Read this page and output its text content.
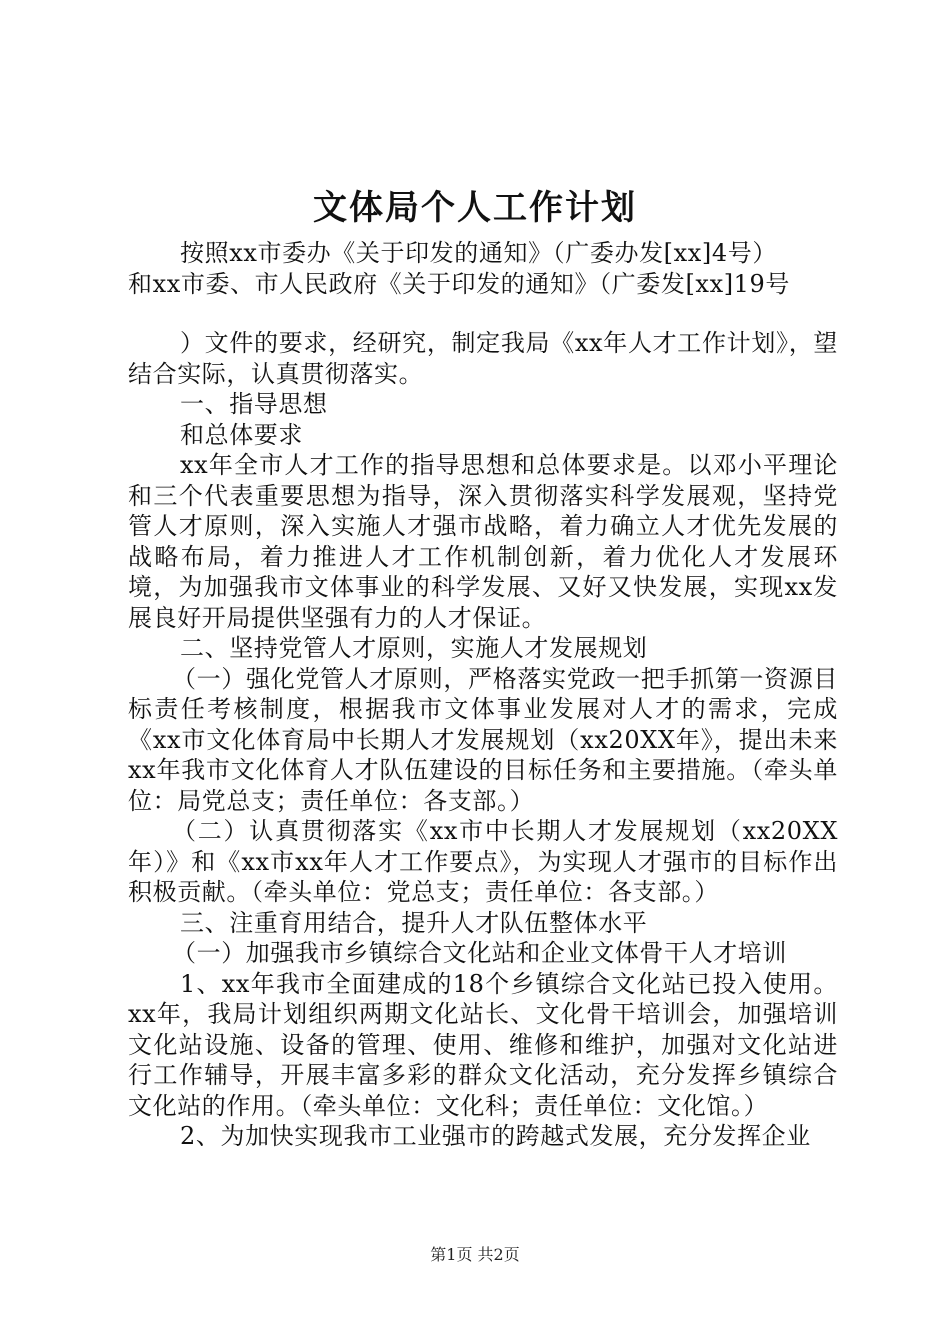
文体局个人工作计划

按照xx市委办《关于印发的通知》（广委办发[xx]4号）

和xx市委、市人民政府《关于印发的通知》（广委发[xx]19号

）文件的要求，经研究，制定我局《xx年人才工作计划》，望结合实际，认真贯彻落实。

一、指导思想

和总体要求

xx年全市人才工作的指导思想和总体要求是。以邓小平理论和三个代表重要思想为指导，深入贯彻落实科学发展观，坚持党管人才原则，深入实施人才强市战略，着力确立人才优先发展的战略布局，着力推进人才工作机制创新，着力优化人才发展环境，为加强我市文体事业的科学发展、又好又快发展，实现xx发展良好开局提供坚强有力的人才保证。

二、坚持党管人才原则，实施人才发展规划

（一）强化党管人才原则，严格落实党政一把手抓第一资源目标责任考核制度，根据我市文体事业发展对人才的需求，完成《xx市文化体育局中长期人才发展规划（xx20XX年》，提出未来xx年我市文化体育人才队伍建设的目标任务和主要措施。（牵头单位：局党总支；责任单位：各支部。）

（二）认真贯彻落实《xx市中长期人才发展规划（xx20XX年）》和《xx市xx年人才工作要点》，为实现人才强市的目标作出积极贡献。（牵头单位：党总支；责任单位：各支部。）

三、注重育用结合，提升人才队伍整体水平

（一）加强我市乡镇综合文化站和企业文体骨干人才培训

1、xx年我市全面建成的18个乡镇综合文化站已投入使用。xx年，我局计划组织两期文化站长、文化骨干培训会，加强培训文化站设施、设备的管理、使用、维修和维护，加强对文化站进行工作辅导，开展丰富多彩的群众文化活动，充分发挥乡镇综合文化站的作用。（牵头单位：文化科；责任单位：文化馆。）

2、为加快实现我市工业强市的跨越式发展，充分发挥企业

第1页 共2页
